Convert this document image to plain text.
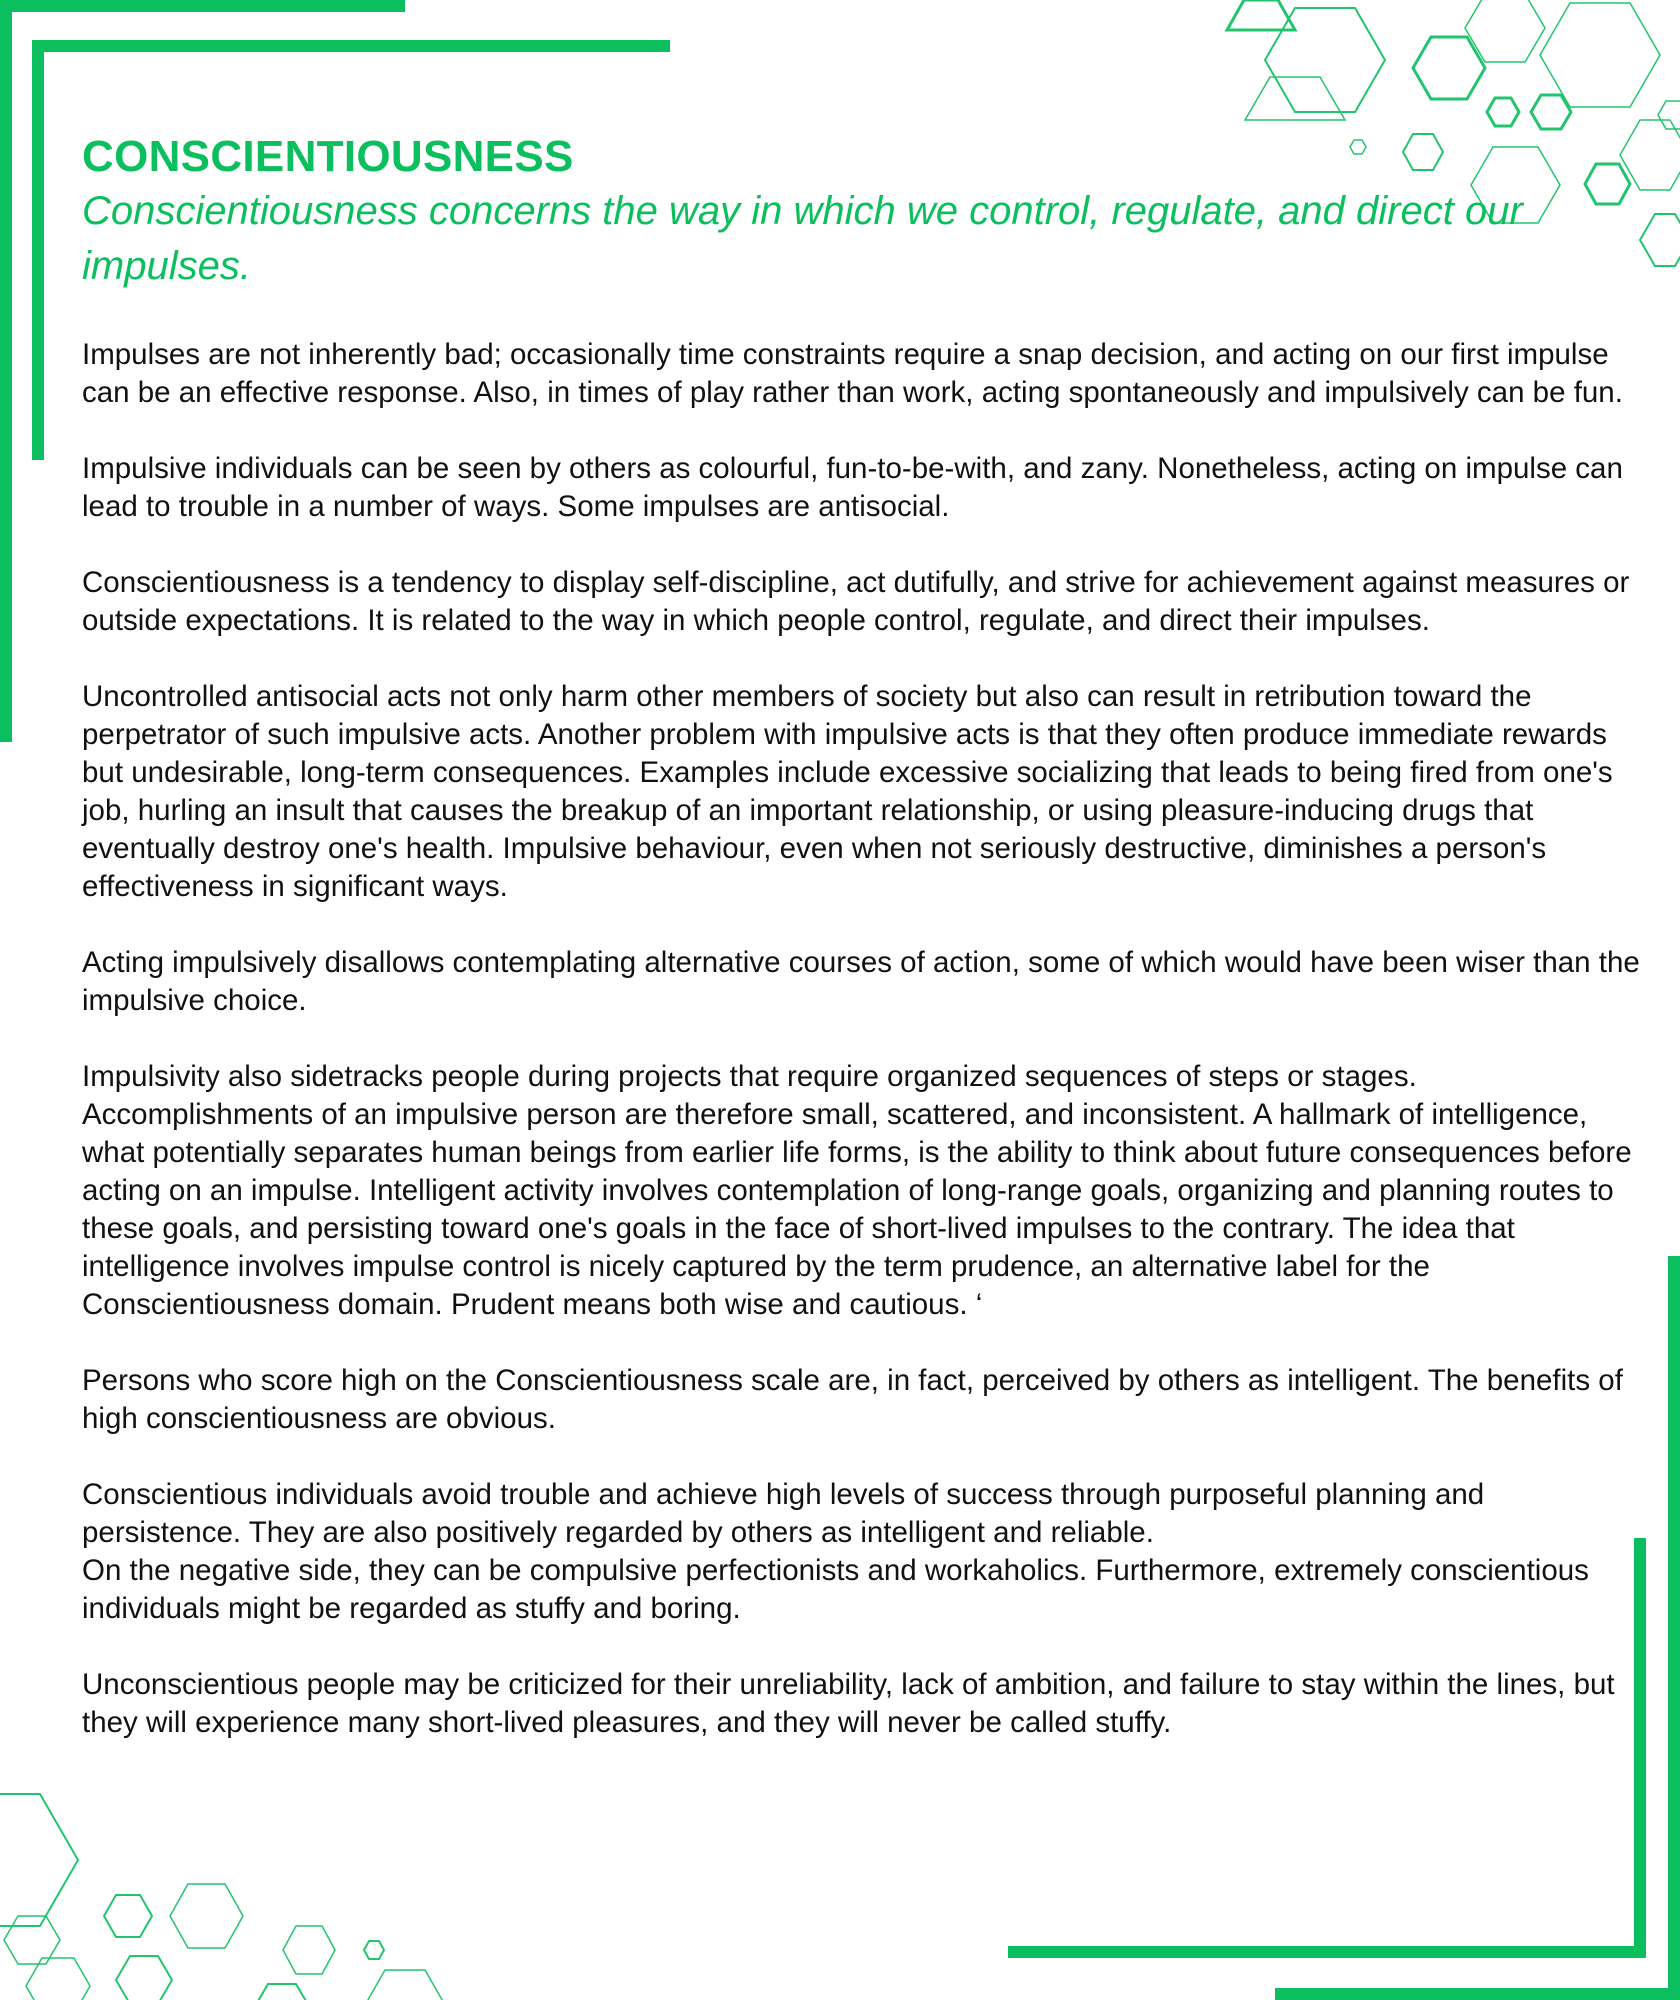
CONSCIENTIOUSNESS

Conscientiousness concerns the way in which we control, regulate, and direct our impulses.

Impulses are not inherently bad; occasionally time constraints require a snap decision, and acting on our first impulse can be an effective response. Also, in times of play rather than work, acting spontaneously and impulsively can be fun.

Impulsive individuals can be seen by others as colourful, fun-to-be-with, and zany. Nonetheless, acting on impulse can lead to trouble in a number of ways. Some impulses are antisocial.

Conscientiousness is a tendency to display self-discipline, act dutifully, and strive for achievement against measures or outside expectations. It is related to the way in which people control, regulate, and direct their impulses.

Uncontrolled antisocial acts not only harm other members of society but also can result in retribution toward the perpetrator of such impulsive acts. Another problem with impulsive acts is that they often produce immediate rewards but undesirable, long-term consequences. Examples include excessive socializing that leads to being fired from one's job, hurling an insult that causes the breakup of an important relationship, or using pleasure-inducing drugs that eventually destroy one's health. Impulsive behaviour, even when not seriously destructive, diminishes a person's effectiveness in significant ways.

Acting impulsively disallows contemplating alternative courses of action, some of which would have been wiser than the impulsive choice.

Impulsivity also sidetracks people during projects that require organized sequences of steps or stages. Accomplishments of an impulsive person are therefore small, scattered, and inconsistent. A hallmark of intelligence, what potentially separates human beings from earlier life forms, is the ability to think about future consequences before acting on an impulse. Intelligent activity involves contemplation of long-range goals, organizing and planning routes to these goals, and persisting toward one's goals in the face of short-lived impulses to the contrary. The idea that intelligence involves impulse control is nicely captured by the term prudence, an alternative label for the Conscientiousness domain. Prudent means both wise and cautious. ‘

Persons who score high on the Conscientiousness scale are, in fact, perceived by others as intelligent. The benefits of high conscientiousness are obvious.

Conscientious individuals avoid trouble and achieve high levels of success through purposeful planning and persistence. They are also positively regarded by others as intelligent and reliable.
On the negative side, they can be compulsive perfectionists and workaholics. Furthermore, extremely conscientious individuals might be regarded as stuffy and boring.

Unconscientious people may be criticized for their unreliability, lack of ambition, and failure to stay within the lines, but they will experience many short-lived pleasures, and they will never be called stuffy.
